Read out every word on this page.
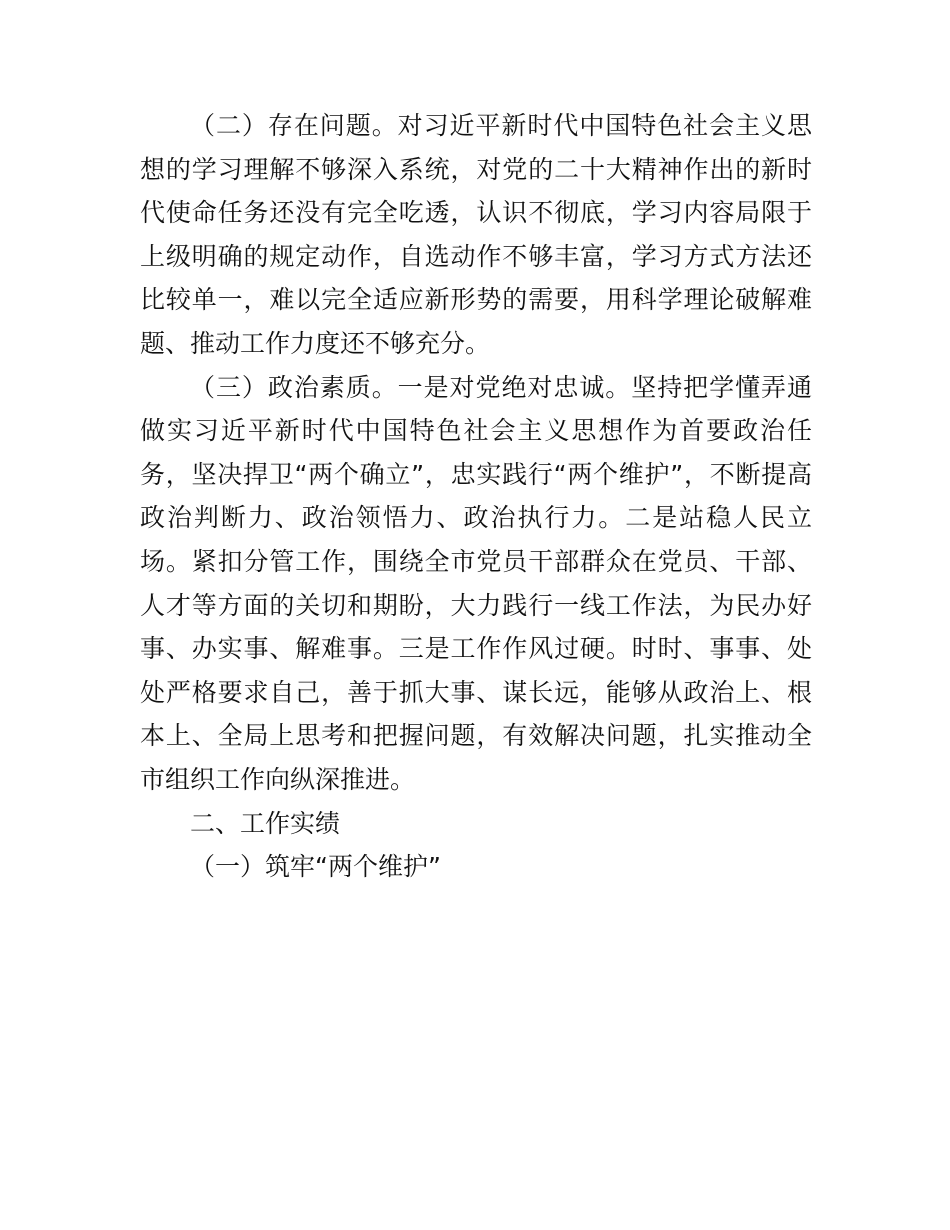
（二）存在问题。对习近平新时代中国特色社会主义思想的学习理解不够深入系统，对党的二十大精神作出的新时代使命任务还没有完全吃透，认识不彻底，学习内容局限于上级明确的规定动作，自选动作不够丰富，学习方式方法还比较单一，难以完全适应新形势的需要，用科学理论破解难题、推动工作力度还不够充分。

（三）政治素质。一是对党绝对忠诚。坚持把学懂弄通做实习近平新时代中国特色社会主义思想作为首要政治任务，坚决捍卫“两个确立”，忠实践行“两个维护”，不断提高政治判断力、政治领悟力、政治执行力。二是站稳人民立场。紧扣分管工作，围绕全市党员干部群众在党员、干部、人才等方面的关切和期盼，大力践行一线工作法，为民办好事、办实事、解难事。三是工作作风过硬。时时、事事、处处严格要求自己，善于抓大事、谋长远，能够从政治上、根本上、全局上思考和把握问题，有效解决问题，扎实推动全市组织工作向纵深推进。

二、工作实绩

（一）筑牢“两个维护”
